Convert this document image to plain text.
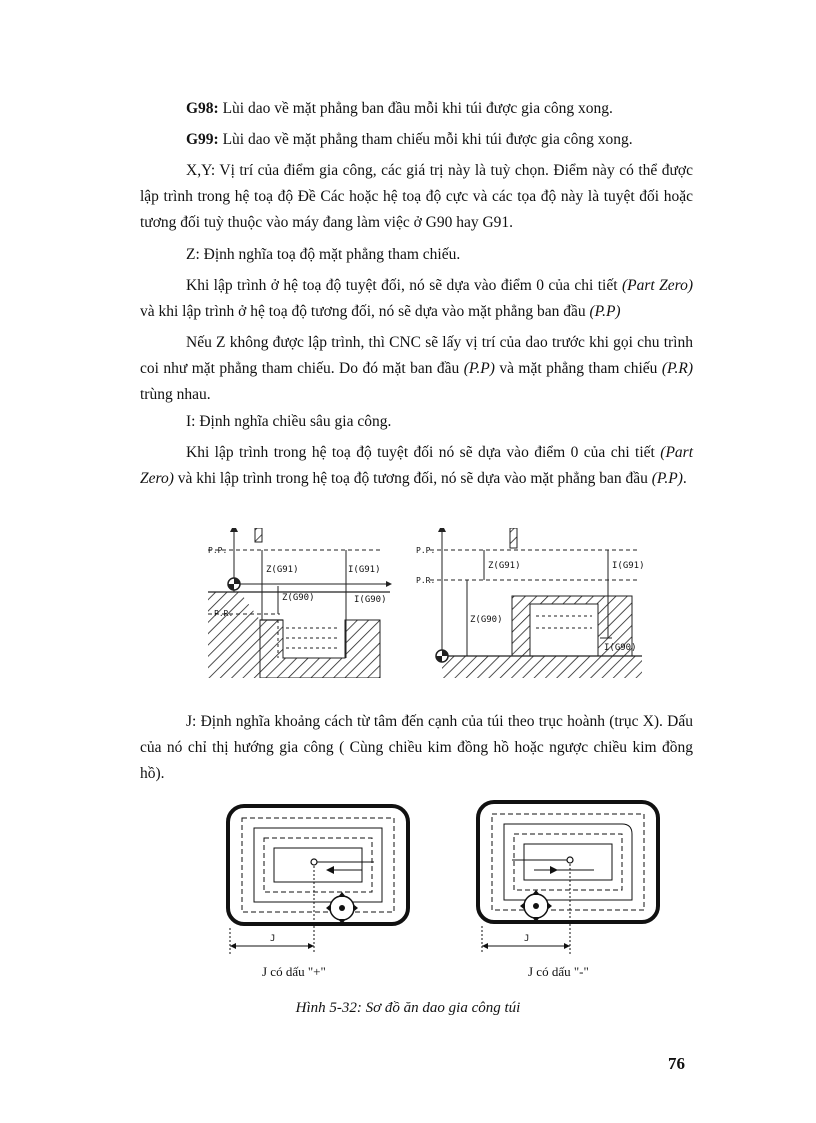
G98: Lùi dao về mặt phẳng ban đầu mỗi khi túi được gia công xong.

G99: Lùi dao về mặt phẳng tham chiếu mỗi khi túi được gia công xong.

X,Y: Vị trí của điểm gia công, các giá trị này là tuỳ chọn. Điểm này có thể được lập trình trong hệ toạ độ Đề Các hoặc hệ toạ độ cực và các tọa độ này là tuyệt đối hoặc tương đối tuỳ thuộc vào máy đang làm việc ở G90 hay G91.

Z: Định nghĩa toạ độ mặt phẳng tham chiếu.

Khi lập trình ở hệ toạ độ tuyệt đối, nó sẽ dựa vào điểm 0 của chi tiết (Part Zero) và khi lập trình ở hệ toạ độ tương đối, nó sẽ dựa vào mặt phẳng ban đầu (P.P)

Nếu Z không được lập trình, thì CNC sẽ lấy vị trí của dao trước khi gọi chu trình coi như mặt phẳng tham chiếu. Do đó mặt ban đầu (P.P) và mặt phẳng tham chiếu (P.R) trùng nhau.

I: Định nghĩa chiều sâu gia công.

Khi lập trình trong hệ toạ độ tuyệt đối nó sẽ dựa vào điểm 0 của chi tiết (Part Zero) và khi lập trình trong hệ toạ độ tương đối, nó sẽ dựa vào mặt phẳng ban đầu (P.P).

P.P.
P.R.
Z(G91)	I(G91)
Z(G90)	I(G90)
P.P.
P.R.
Z(G91)	I(G91)
Z(G90)
I(G90)

J: Định nghĩa khoảng cách từ tâm đến cạnh của túi theo trục hoành (trục X). Dấu của nó chỉ thị hướng gia công ( Cùng chiều kim đồng hồ hoặc ngược chiều kim đồng hồ).

J
J có dấu "+"
J
J có dấu "-"
Hình 5-32: Sơ đồ ăn dao gia công túi
76
